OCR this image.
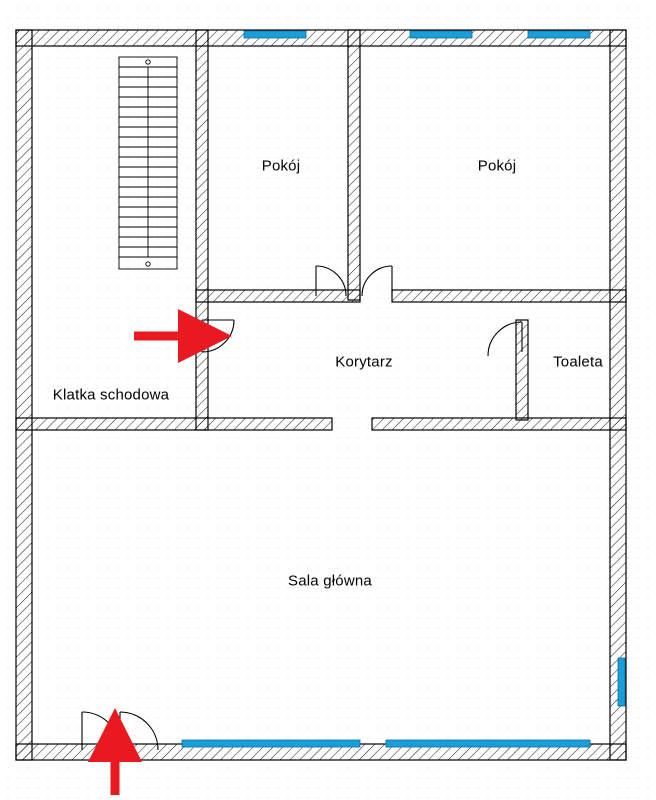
Pokój	Pokój
Korytarz	Toaleta
Klatka schodowa
Sala główna
